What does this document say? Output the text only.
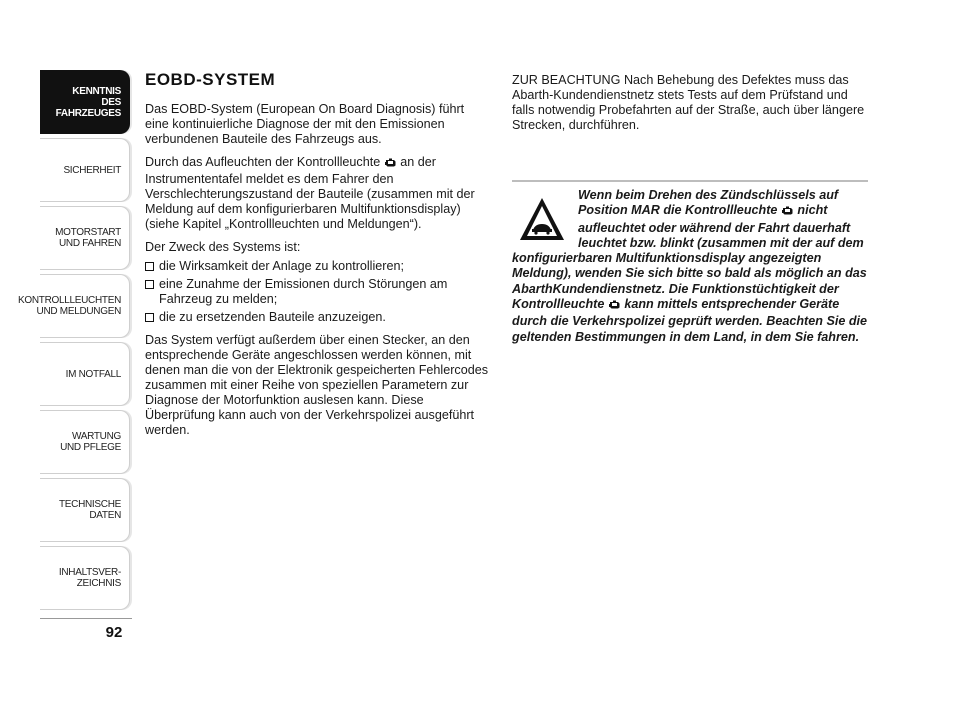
KENNTNIS
DES FAHRZEUGES
SICHERHEIT
MOTORSTART
UND FAHREN
KONTROLLLEUCHTEN
UND MELDUNGEN
IM NOTFALL
WARTUNG
UND PFLEGE
TECHNISCHE
DATEN
INHALTSVER-
ZEICHNIS
92
EOBD-SYSTEM

Das EOBD-System (European On Board Diagnosis) führt eine kontinuierliche Diagnose der mit den Emissionen verbundenen Bauteile des Fahrzeugs aus.

Durch das Aufleuchten der Kontrollleuchte an der Instrumententafel meldet es dem Fahrer den Verschlechterungszustand der Bauteile (zusammen mit der Meldung auf dem konfigurierbaren Multifunktionsdisplay) (siehe Kapitel „Kontrollleuchten und Meldungen“).

Der Zweck des Systems ist:

die Wirksamkeit der Anlage zu kontrollieren;
eine Zunahme der Emissionen durch Störungen am Fahrzeug zu melden;
die zu ersetzenden Bauteile anzuzeigen.

Das System verfügt außerdem über einen Stecker, an den entsprechende Geräte angeschlossen werden können, mit denen man die von der Elektronik gespeicherten Fehlercodes zusammen mit einer Reihe von speziellen Parametern zur Diagnose der Motorfunktion auslesen kann. Diese Überprüfung kann auch von der Verkehrspolizei ausgeführt werden.

ZUR BEACHTUNG Nach Behebung des Defektes muss das Abarth-Kundendienstnetz stets Tests auf dem Prüfstand und falls notwendig Probefahrten auf der Straße, auch über längere Strecken, durchführen.

Wenn beim Drehen des Zündschlüssels auf Position MAR die Kontrollleuchte nicht aufleuchtet oder während der Fahrt dauerhaft leuchtet bzw. blinkt (zusammen mit der auf dem konfigurierbaren Multifunktionsdisplay angezeigten Meldung), wenden Sie sich bitte so bald als möglich an das AbarthKundendienstnetz. Die Funktionstüchtigkeit der Kontrollleuchte kann mittels entsprechender Geräte durch die Verkehrspolizei geprüft werden. Beachten Sie die geltenden Bestimmungen in dem Land, in dem Sie fahren.
